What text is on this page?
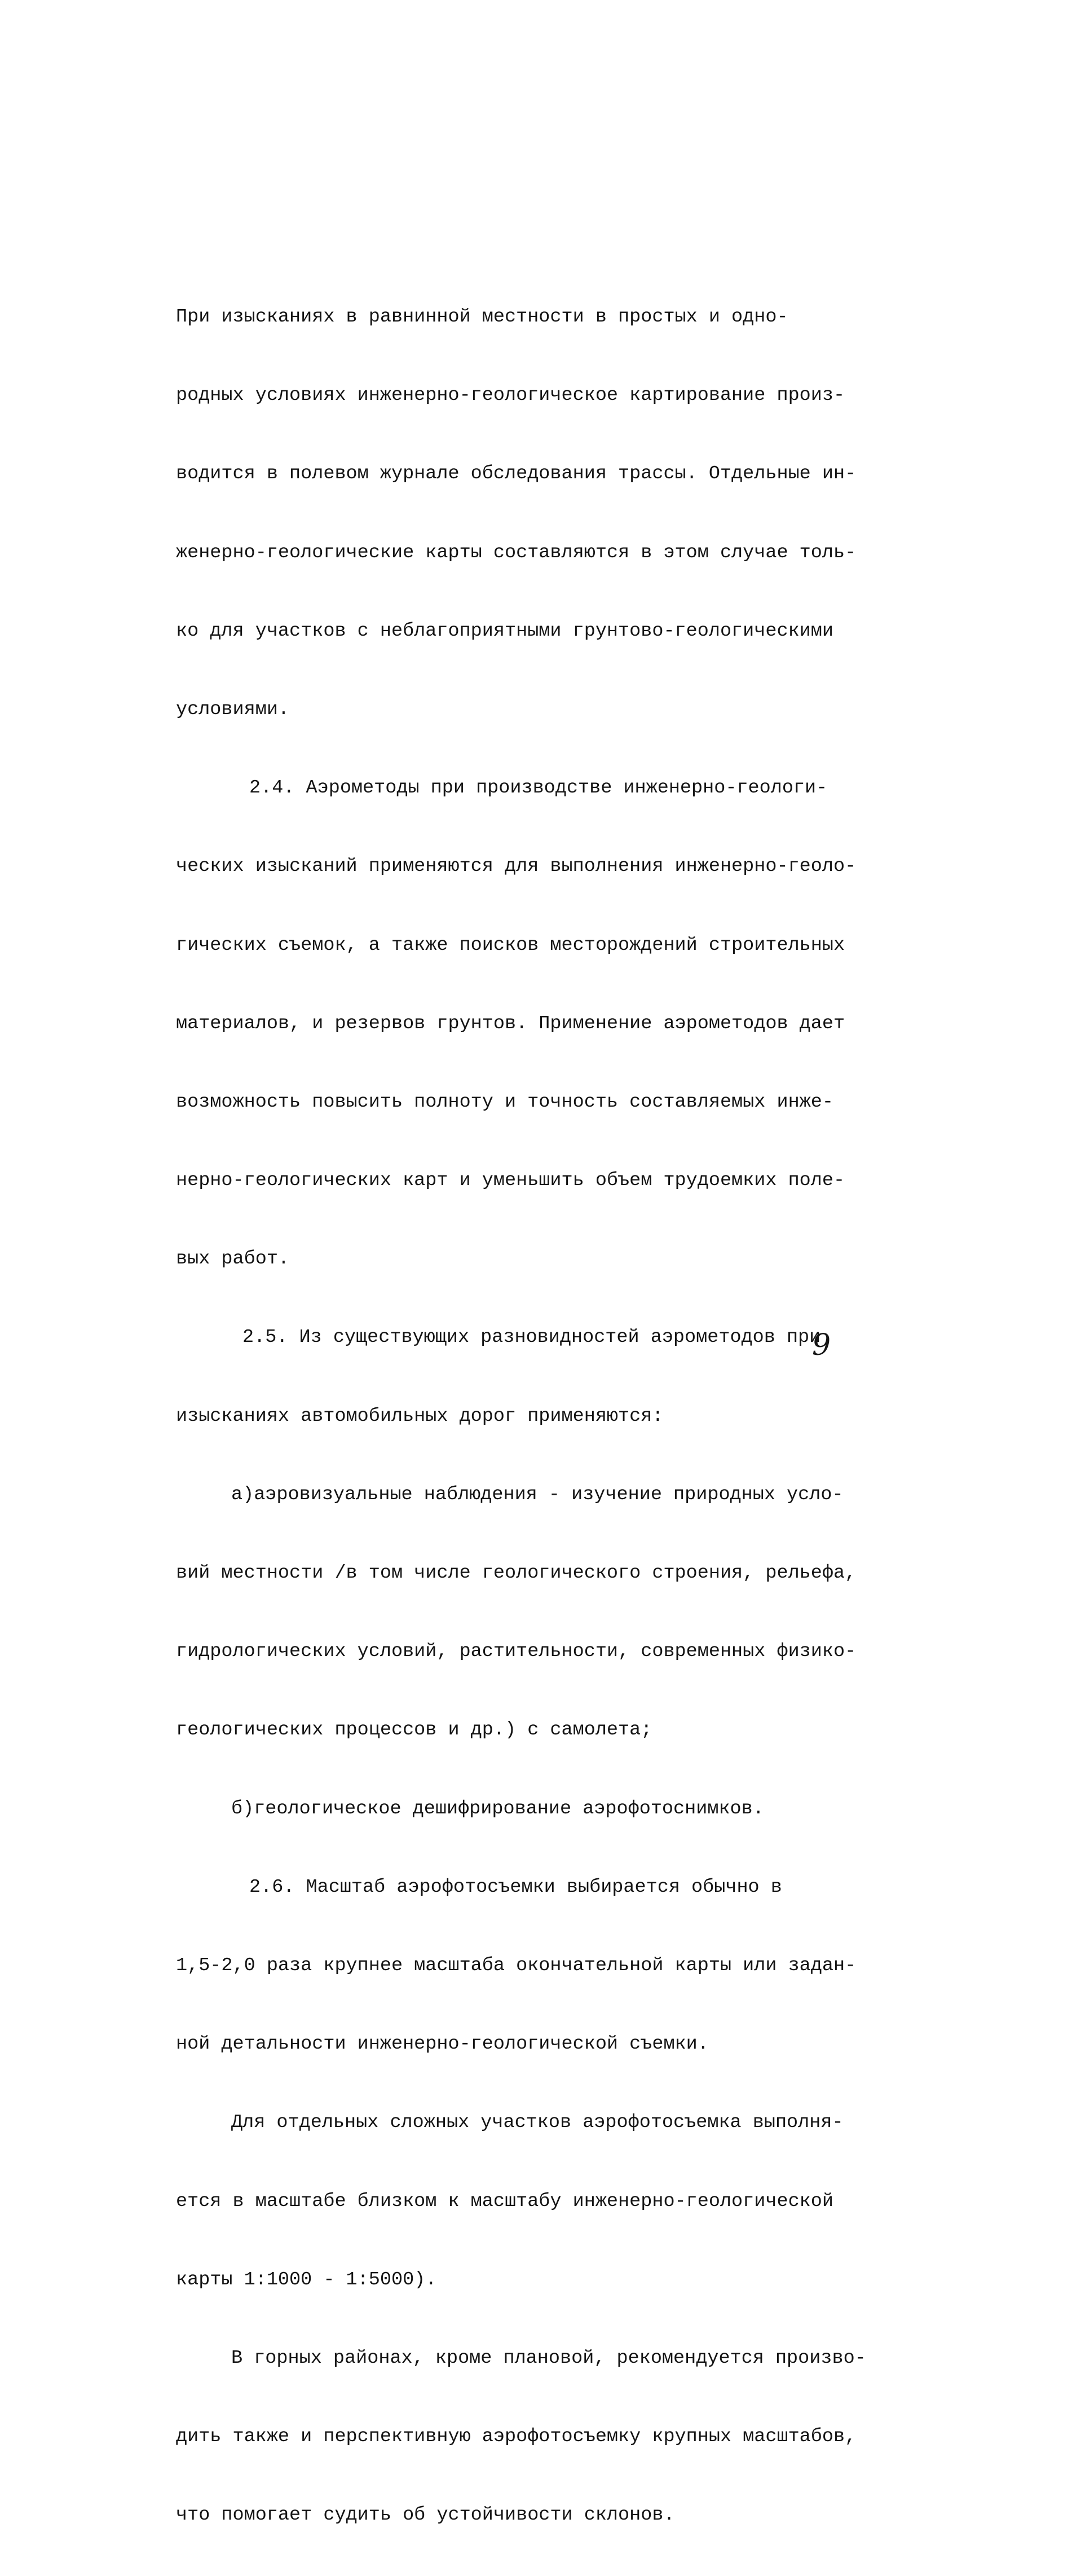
При изысканиях в равнинной местности в простых и одно-

родных условиях инженерно-геологическое картирование произ-

водится в полевом журнале обследования трассы. Отдельные ин-

женерно-геологические карты составляются в этом случае толь-

ко для участков с неблагоприятными грунтово-геологическими

условиями.

2.4. Аэрометоды при производстве инженерно-геологи-

ческих изысканий применяются для выполнения инженерно-геоло-

гических съемок, а также поисков месторождений строительных

материалов, и резервов грунтов. Применение аэрометодов дает

возможность повысить полноту и точность составляемых инже-

нерно-геологических карт и уменьшить объем трудоемких поле-

вых работ.

2.5. Из существующих разновидностей аэрометодов при

изысканиях автомобильных дорог применяются:

а)аэровизуальные наблюдения - изучение природных усло-

вий местности /в том числе геологического строения, рельефа,

гидрологических условий, растительности, современных физико-

геологических процессов и др.) с самолета;

б)геологическое дешифрирование аэрофотоснимков.

2.6. Масштаб аэрофотосъемки выбирается обычно в

1,5-2,0 раза крупнее масштаба окончательной карты или задан-

ной детальности инженерно-геологической съемки.

Для отдельных сложных участков аэрофотосъемка выполня-

ется в масштабе близком к масштабу инженерно-геологической

карты 1:1000 - 1:5000).

В горных районах, кроме плановой, рекомендуется произво-

дить также и перспективную аэрофотосъемку крупных масштабов,

что помогает судить об устойчивости склонов.

9
